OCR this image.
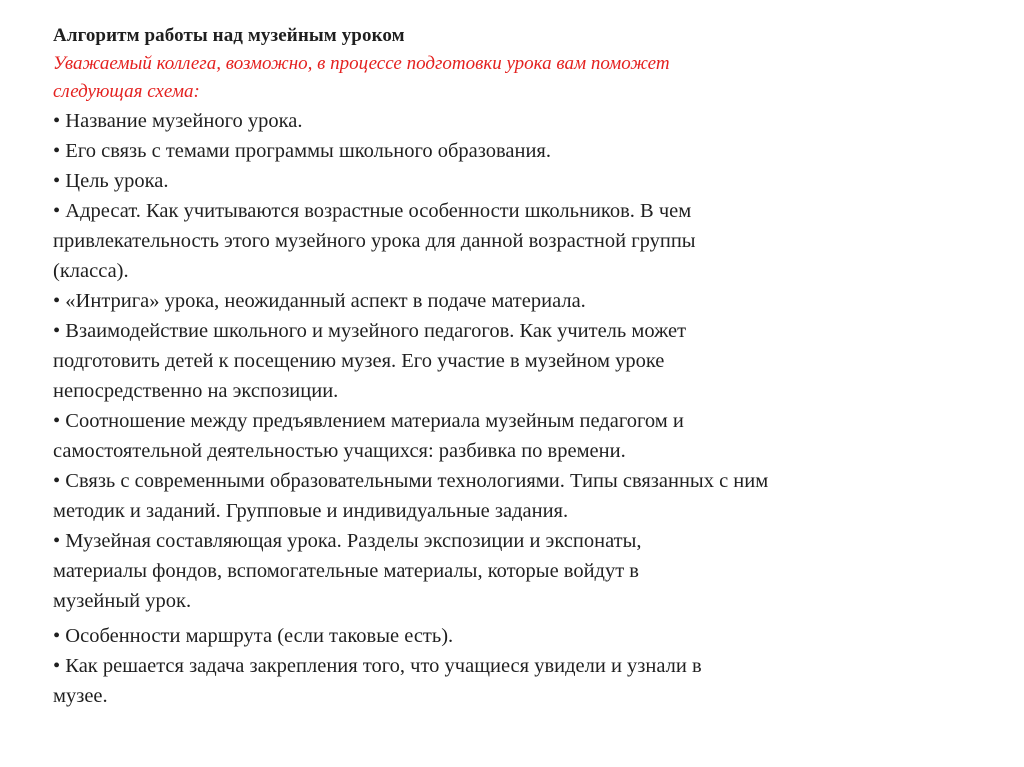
Алгоритм работы над музейным уроком

Уважаемый коллега, возможно, в процессе подготовки урока вам поможет
следующая схема:

• Название музейного урока.
• Его связь с темами программы школьного образования.
• Цель урока.
• Адресат. Как учитываются возрастные особенности школьников. В чем
привлекательность этого музейного урока для данной возрастной группы
(класса).
• «Интрига» урока, неожиданный аспект в подаче материала.
• Взаимодействие школьного и музейного педагогов. Как учитель может
подготовить детей к посещению музея. Его участие в музейном уроке
непосредственно на экспозиции.
• Соотношение между предъявлением материала музейным педагогом и
самостоятельной деятельностью учащихся: разбивка по времени.
• Связь с современными образовательными технологиями. Типы связанных с ним
методик и заданий. Групповые и индивидуальные задания.
• Музейная составляющая урока. Разделы экспозиции и экспонаты,
материалы фондов, вспомогательные материалы, которые войдут в
музейный урок.
• Особенности маршрута (если таковые есть).
• Как решается задача закрепления того, что учащиеся увидели и узнали в
музее.
